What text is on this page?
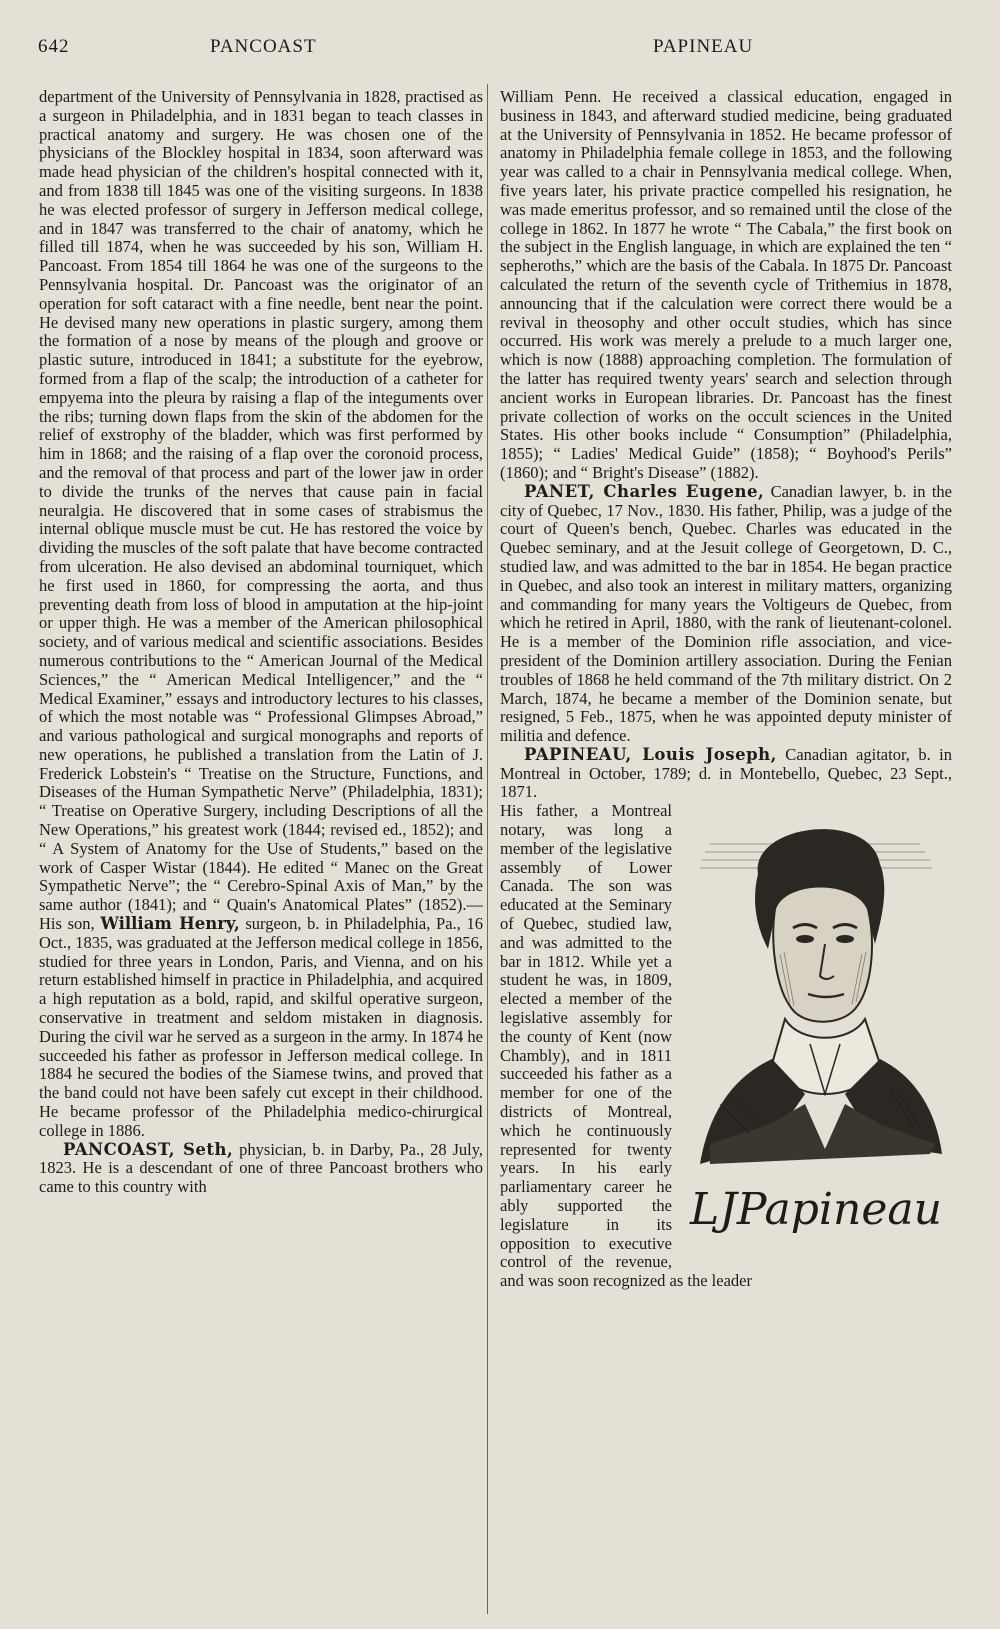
642	PANCOAST	PAPINEAU

department of the University of Pennsylvania in 1828, practised as a surgeon in Philadelphia, and in 1831 began to teach classes in practical anatomy and surgery. He was chosen one of the physicians of the Blockley hospital in 1834, soon afterward was made head physician of the children's hospital connected with it, and from 1838 till 1845 was one of the visiting surgeons. In 1838 he was elected professor of surgery in Jefferson medical college, and in 1847 was transferred to the chair of anatomy, which he filled till 1874, when he was succeeded by his son, William H. Pancoast. From 1854 till 1864 he was one of the surgeons to the Pennsylvania hospital. Dr. Pancoast was the originator of an operation for soft cataract with a fine needle, bent near the point. He devised many new operations in plastic surgery, among them the formation of a nose by means of the plough and groove or plastic suture, introduced in 1841; a substitute for the eyebrow, formed from a flap of the scalp; the introduction of a catheter for empyema into the pleura by raising a flap of the integuments over the ribs; turning down flaps from the skin of the abdomen for the relief of exstrophy of the bladder, which was first performed by him in 1868; and the raising of a flap over the coronoid process, and the removal of that process and part of the lower jaw in order to divide the trunks of the nerves that cause pain in facial neuralgia. He discovered that in some cases of strabismus the internal oblique muscle must be cut. He has restored the voice by dividing the muscles of the soft palate that have become contracted from ulceration. He also devised an abdominal tourniquet, which he first used in 1860, for compressing the aorta, and thus preventing death from loss of blood in amputation at the hip-joint or upper thigh. He was a member of the American philosophical society, and of various medical and scientific associations. Besides numerous contributions to the “ American Journal of the Medical Sciences,” the “ American Medical Intelligencer,” and the “ Medical Examiner,” essays and introductory lectures to his classes, of which the most notable was “ Professional Glimpses Abroad,” and various pathological and surgical monographs and reports of new operations, he published a translation from the Latin of J. Frederick Lobstein's “ Treatise on the Structure, Functions, and Diseases of the Human Sympathetic Nerve” (Philadelphia, 1831); “ Treatise on Operative Surgery, including Descriptions of all the New Operations,” his greatest work (1844; revised ed., 1852); and “ A System of Anatomy for the Use of Students,” based on the work of Casper Wistar (1844). He edited “ Manec on the Great Sympathetic Nerve”; the “ Cerebro-Spinal Axis of Man,” by the same author (1841); and “ Quain's Anatomical Plates” (1852).—His son, William Henry, surgeon, b. in Philadelphia, Pa., 16 Oct., 1835, was graduated at the Jefferson medical college in 1856, studied for three years in London, Paris, and Vienna, and on his return established himself in practice in Philadelphia, and acquired a high reputation as a bold, rapid, and skilful operative surgeon, conservative in treatment and seldom mistaken in diagnosis. During the civil war he served as a surgeon in the army. In 1874 he succeeded his father as professor in Jefferson medical college. In 1884 he secured the bodies of the Siamese twins, and proved that the band could not have been safely cut except in their childhood. He became professor of the Philadelphia medico-chirurgical college in 1886.

PANCOAST, Seth, physician, b. in Darby, Pa., 28 July, 1823. He is a descendant of one of three Pancoast brothers who came to this country with

William Penn. He received a classical education, engaged in business in 1843, and afterward studied medicine, being graduated at the University of Pennsylvania in 1852. He became professor of anatomy in Philadelphia female college in 1853, and the following year was called to a chair in Pennsylvania medical college. When, five years later, his private practice compelled his resignation, he was made emeritus professor, and so remained until the close of the college in 1862. In 1877 he wrote “ The Cabala,” the first book on the subject in the English language, in which are explained the ten “ sepheroths,” which are the basis of the Cabala. In 1875 Dr. Pancoast calculated the return of the seventh cycle of Trithemius in 1878, announcing that if the calculation were correct there would be a revival in theosophy and other occult studies, which has since occurred. His work was merely a prelude to a much larger one, which is now (1888) approaching completion. The formulation of the latter has required twenty years' search and selection through ancient works in European libraries. Dr. Pancoast has the finest private collection of works on the occult sciences in the United States. His other books include “ Consumption” (Philadelphia, 1855); “ Ladies' Medical Guide” (1858); “ Boyhood's Perils” (1860); and “ Bright's Disease” (1882).

PANET, Charles Eugene, Canadian lawyer, b. in the city of Quebec, 17 Nov., 1830. His father, Philip, was a judge of the court of Queen's bench, Quebec. Charles was educated in the Quebec seminary, and at the Jesuit college of Georgetown, D. C., studied law, and was admitted to the bar in 1854. He began practice in Quebec, and also took an interest in military matters, organizing and commanding for many years the Voltigeurs de Quebec, from which he retired in April, 1880, with the rank of lieutenant-colonel. He is a member of the Dominion rifle association, and vice-president of the Dominion artillery association. During the Fenian troubles of 1868 he held command of the 7th military district. On 2 March, 1874, he became a member of the Dominion senate, but resigned, 5 Feb., 1875, when he was appointed deputy minister of militia and defence.

PAPINEAU, Louis Joseph, Canadian agitator, b. in Montreal in October, 1789; d. in Montebello, Quebec, 23 Sept., 1871.

LJPapineau

His father, a Montreal notary, was long a member of the legislative assembly of Lower Canada. The son was educated at the Seminary of Quebec, studied law, and was admitted to the bar in 1812. While yet a student he was, in 1809, elected a member of the legislative assembly for the county of Kent (now Chambly), and in 1811 succeeded his father as a member for one of the districts of Montreal, which he continuously represented for twenty years. In his early parliamentary career he ably supported the legislature in its opposition to executive control of the revenue, and was soon recognized as the leader
